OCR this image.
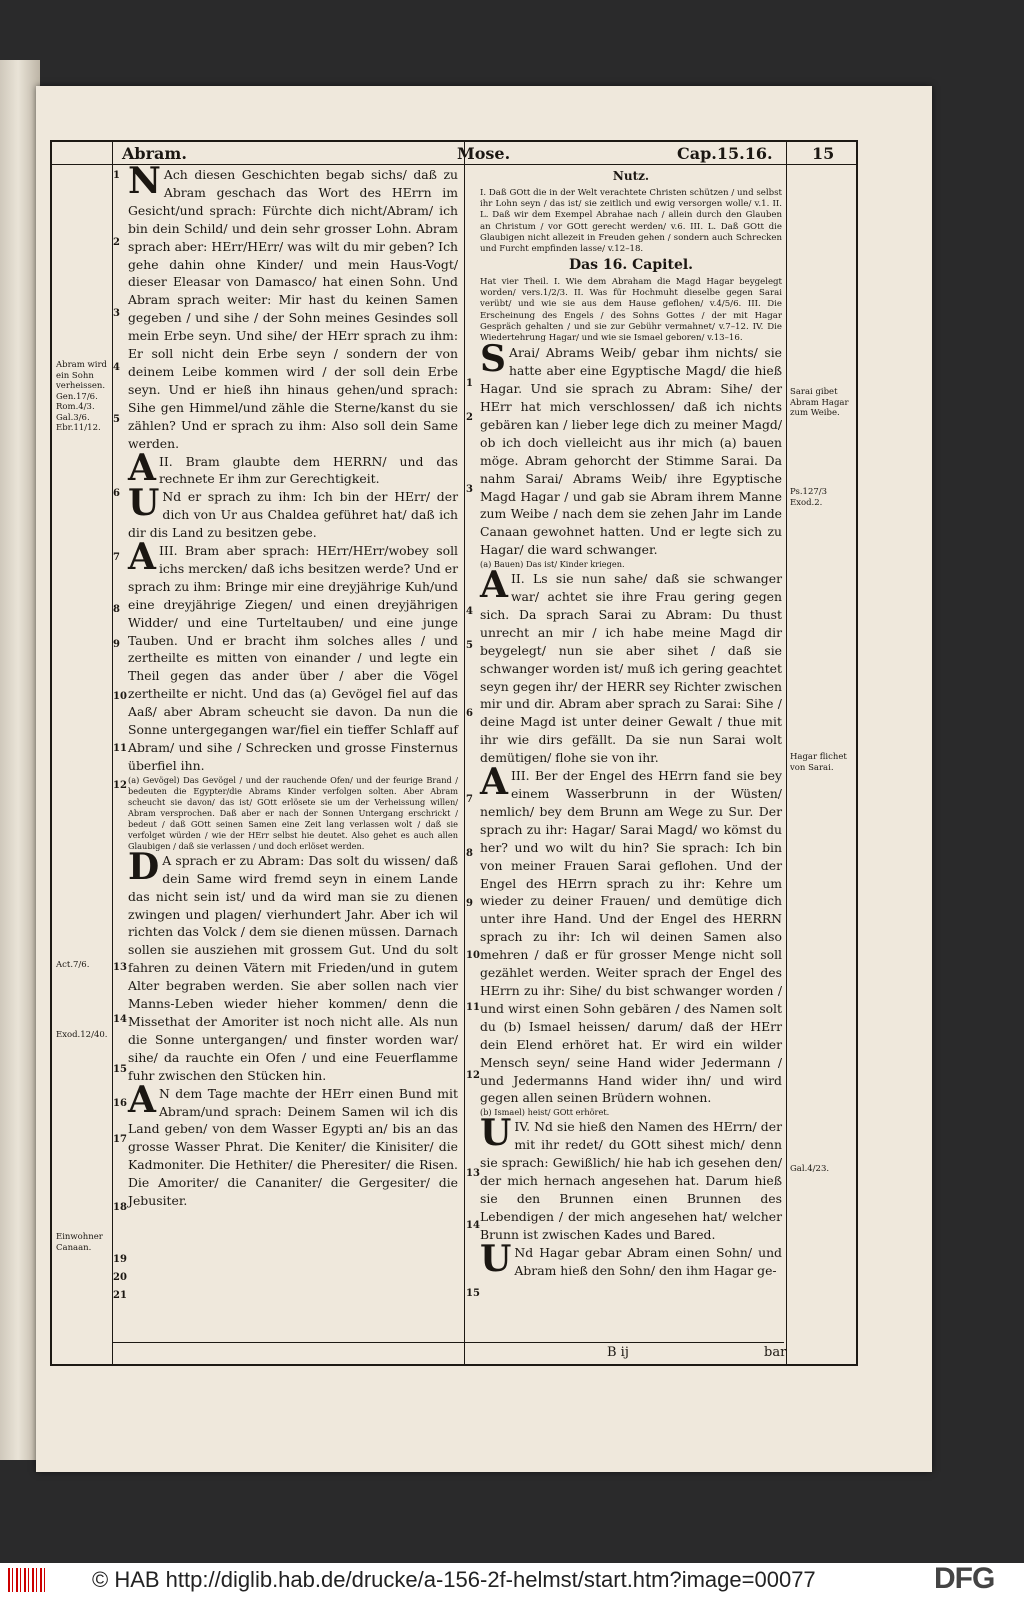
Abram.	Mose.	Cap.15.16. 15
Abram wird ein Sohn verheissen. Gen.17/6. Rom.4/3. Gal.3/6. Ebr.11/12.
Act.7/6.
Exod.12/40.
Einwohner Canaan.
Sarai gibet Abram Hagar zum Weibe.
Ps.127/3 Exod.2.
Hagar flichet von Sarai.
Gal.4/23.
1
2
3
4
5
6
7
8
9
10
11
12
13
14
15
16
17
18
19
20
21

N Ach diesen Geschichten begab sichs/ daß zu Abram geschach das Wort des HErrn im Gesicht/und sprach: Fürchte dich nicht/Abram/ ich bin dein Schild/ und dein sehr grosser Lohn. Abram sprach aber: HErr/HErr/ was wilt du mir geben? Ich gehe dahin ohne Kinder/ und mein Haus-Vogt/ dieser Eleasar von Damasco/ hat einen Sohn. Und Abram sprach weiter: Mir hast du keinen Samen gegeben / und sihe / der Sohn meines Gesindes soll mein Erbe seyn. Und sihe/ der HErr sprach zu ihm: Er soll nicht dein Erbe seyn / sondern der von deinem Leibe kommen wird / der soll dein Erbe seyn. Und er hieß ihn hinaus gehen/und sprach: Sihe gen Himmel/und zähle die Sterne/kanst du sie zählen? Und er sprach zu ihm: Also soll dein Same werden.

AII. Bram glaubte dem HERRN/ und das rechnete Er ihm zur Gerechtigkeit.

U Nd er sprach zu ihm: Ich bin der HErr/ der dich von Ur aus Chaldea geführet hat/ daß ich dir dis Land zu besitzen gebe.

AIII. Bram aber sprach: HErr/HErr/wobey soll ichs mercken/ daß ichs besitzen werde? Und er sprach zu ihm: Bringe mir eine dreyjährige Kuh/und eine dreyjährige Ziegen/ und einen dreyjährigen Widder/ und eine Turteltauben/ und eine junge Tauben. Und er bracht ihm solches alles / und zertheilte es mitten von einander / und legte ein Theil gegen das ander über / aber die Vögel zertheilte er nicht. Und das (a) Gevögel fiel auf das Aaß/ aber Abram scheucht sie davon. Da nun die Sonne untergegangen war/fiel ein tieffer Schlaff auf Abram/ und sihe / Schrecken und grosse Finsternus überfiel ihn.

(a) Gevögel) Das Gevögel / und der rauchende Ofen/ und der feurige Brand / bedeuten die Egypter/die Abrams Kinder verfolgen solten. Aber Abram scheucht sie davon/ das ist/ GOtt erlösete sie um der Verheissung willen/ Abram versprochen. Daß aber er nach der Sonnen Untergang erschrickt / bedeut / daß GOtt seinen Samen eine Zeit lang verlassen wolt / daß sie verfolget würden / wie der HErr selbst hie deutet. Also gehet es auch allen Glaubigen / daß sie verlassen / und doch erlöset werden.

D A sprach er zu Abram: Das solt du wissen/ daß dein Same wird fremd seyn in einem Lande das nicht sein ist/ und da wird man sie zu dienen zwingen und plagen/ vierhundert Jahr. Aber ich wil richten das Volck / dem sie dienen müssen. Darnach sollen sie ausziehen mit grossem Gut. Und du solt fahren zu deinen Vätern mit Frieden/und in gutem Alter begraben werden. Sie aber sollen nach vier Manns-Leben wieder hieher kommen/ denn die Missethat der Amoriter ist noch nicht alle. Als nun die Sonne untergangen/ und finster worden war/ sihe/ da rauchte ein Ofen / und eine Feuerflamme fuhr zwischen den Stücken hin.

A N dem Tage machte der HErr einen Bund mit Abram/und sprach: Deinem Samen wil ich dis Land geben/ von dem Wasser Egypti an/ bis an das grosse Wasser Phrat. Die Keniter/ die Kinisiter/ die Kadmoniter. Die Hethiter/ die Pheresiter/ die Risen. Die Amoriter/ die Cananiter/ die Gergesiter/ die Jebusiter.

1
2
3
4
5
6
7
8
9
10
11
12
13
14
15
Nutz.

I. Daß GOtt die in der Welt verachtete Christen schützen / und selbst ihr Lohn seyn / das ist/ sie zeitlich und ewig versorgen wolle/ v.1. II. L. Daß wir dem Exempel Abrahae nach / allein durch den Glauben an Christum / vor GOtt gerecht werden/ v.6. III. L. Daß GOtt die Glaubigen nicht allezeit in Freuden gehen / sondern auch Schrecken und Furcht empfinden lasse/ v.12–18.

Das 16. Capitel.

Hat vier Theil. I. Wie dem Abraham die Magd Hagar beygelegt worden/ vers.1/2/3. II. Was für Hochmuht dieselbe gegen Sarai verübt/ und wie sie aus dem Hause geflohen/ v.4/5/6. III. Die Erscheinung des Engels / des Sohns Gottes / der mit Hagar Gespräch gehalten / und sie zur Gebühr vermahnet/ v.7–12. IV. Die Wiedertehrung Hagar/ und wie sie Ismael geboren/ v.13–16.

S Arai/ Abrams Weib/ gebar ihm nichts/ sie hatte aber eine Egyptische Magd/ die hieß Hagar. Und sie sprach zu Abram: Sihe/ der HErr hat mich verschlossen/ daß ich nichts gebären kan / lieber lege dich zu meiner Magd/ ob ich doch vielleicht aus ihr mich (a) bauen möge. Abram gehorcht der Stimme Sarai. Da nahm Sarai/ Abrams Weib/ ihre Egyptische Magd Hagar / und gab sie Abram ihrem Manne zum Weibe / nach dem sie zehen Jahr im Lande Canaan gewohnet hatten. Und er legte sich zu Hagar/ die ward schwanger.

(a) Bauen) Das ist/ Kinder kriegen.

AII. Ls sie nun sahe/ daß sie schwanger war/ achtet sie ihre Frau gering gegen sich. Da sprach Sarai zu Abram: Du thust unrecht an mir / ich habe meine Magd dir beygelegt/ nun sie aber sihet / daß sie schwanger worden ist/ muß ich gering geachtet seyn gegen ihr/ der HERR sey Richter zwischen mir und dir. Abram aber sprach zu Sarai: Sihe / deine Magd ist unter deiner Gewalt / thue mit ihr wie dirs gefällt. Da sie nun Sarai wolt demütigen/ flohe sie von ihr.

AIII. Ber der Engel des HErrn fand sie bey einem Wasserbrunn in der Wüsten/ nemlich/ bey dem Brunn am Wege zu Sur. Der sprach zu ihr: Hagar/ Sarai Magd/ wo kömst du her? und wo wilt du hin? Sie sprach: Ich bin von meiner Frauen Sarai geflohen. Und der Engel des HErrn sprach zu ihr: Kehre um wieder zu deiner Frauen/ und demütige dich unter ihre Hand. Und der Engel des HERRN sprach zu ihr: Ich wil deinen Samen also mehren / daß er für grosser Menge nicht soll gezählet werden. Weiter sprach der Engel des HErrn zu ihr: Sihe/ du bist schwanger worden / und wirst einen Sohn gebären / des Namen solt du (b) Ismael heissen/ darum/ daß der HErr dein Elend erhöret hat. Er wird ein wilder Mensch seyn/ seine Hand wider Jedermann / und Jedermanns Hand wider ihn/ und wird gegen allen seinen Brüdern wohnen.

(b) Ismael) heist/ GOtt erhöret.

UIV. Nd sie hieß den Namen des HErrn/ der mit ihr redet/ du GOtt sihest mich/ denn sie sprach: Gewißlich/ hie hab ich gesehen den/ der mich hernach angesehen hat. Darum hieß sie den Brunnen einen Brunnen des Lebendigen / der mich angesehen hat/ welcher Brunn ist zwischen Kades und Bared.

U Nd Hagar gebar Abram einen Sohn/ und Abram hieß den Sohn/ den ihm Hagar ge-

B ij	bar
© HAB http://diglib.hab.de/drucke/a-156-2f-helmst/start.htm?image=00077	DFG
